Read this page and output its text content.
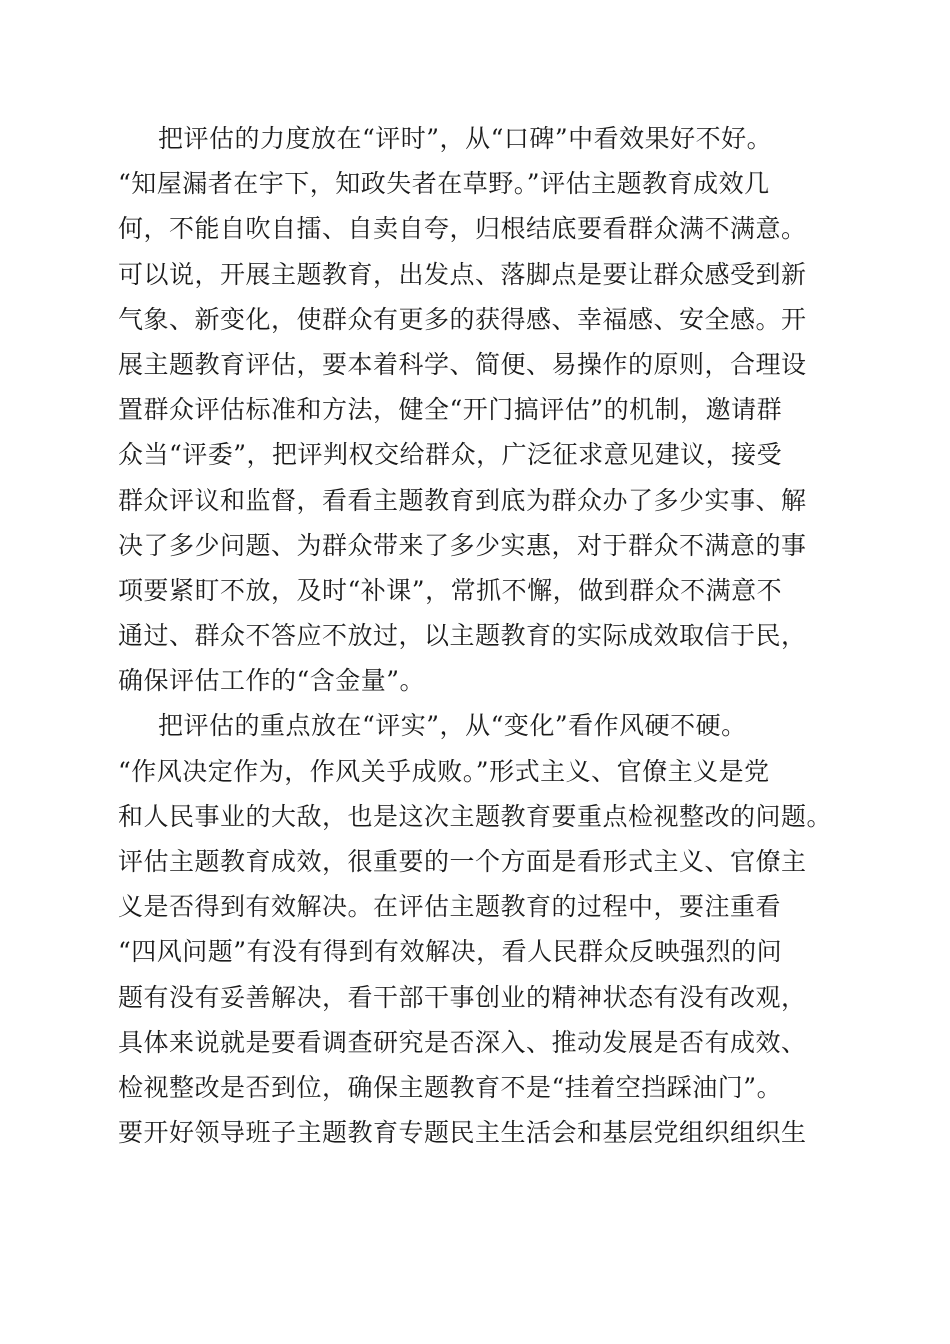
把评估的力度放在“评时”，从“口碑”中看效果好不好。
“知屋漏者在宇下，知政失者在草野。”评估主题教育成效几
何，不能自吹自擂、自卖自夸，归根结底要看群众满不满意。
可以说，开展主题教育，出发点、落脚点是要让群众感受到新
气象、新变化，使群众有更多的获得感、幸福感、安全感。开
展主题教育评估，要本着科学、简便、易操作的原则，合理设
置群众评估标准和方法，健全“开门搞评估”的机制，邀请群
众当“评委”，把评判权交给群众，广泛征求意见建议，接受
群众评议和监督，看看主题教育到底为群众办了多少实事、解
决了多少问题、为群众带来了多少实惠，对于群众不满意的事
项要紧盯不放，及时“补课”，常抓不懈，做到群众不满意不
通过、群众不答应不放过，以主题教育的实际成效取信于民，
确保评估工作的“含金量”。
把评估的重点放在“评实”，从“变化”看作风硬不硬。
“作风决定作为，作风关乎成败。”形式主义、官僚主义是党
和人民事业的大敌，也是这次主题教育要重点检视整改的问题。
评估主题教育成效，很重要的一个方面是看形式主义、官僚主
义是否得到有效解决。在评估主题教育的过程中，要注重看
“四风问题”有没有得到有效解决，看人民群众反映强烈的问
题有没有妥善解决，看干部干事创业的精神状态有没有改观，
具体来说就是要看调查研究是否深入、推动发展是否有成效、
检视整改是否到位，确保主题教育不是“挂着空挡踩油门”。
要开好领导班子主题教育专题民主生活会和基层党组织组织生
